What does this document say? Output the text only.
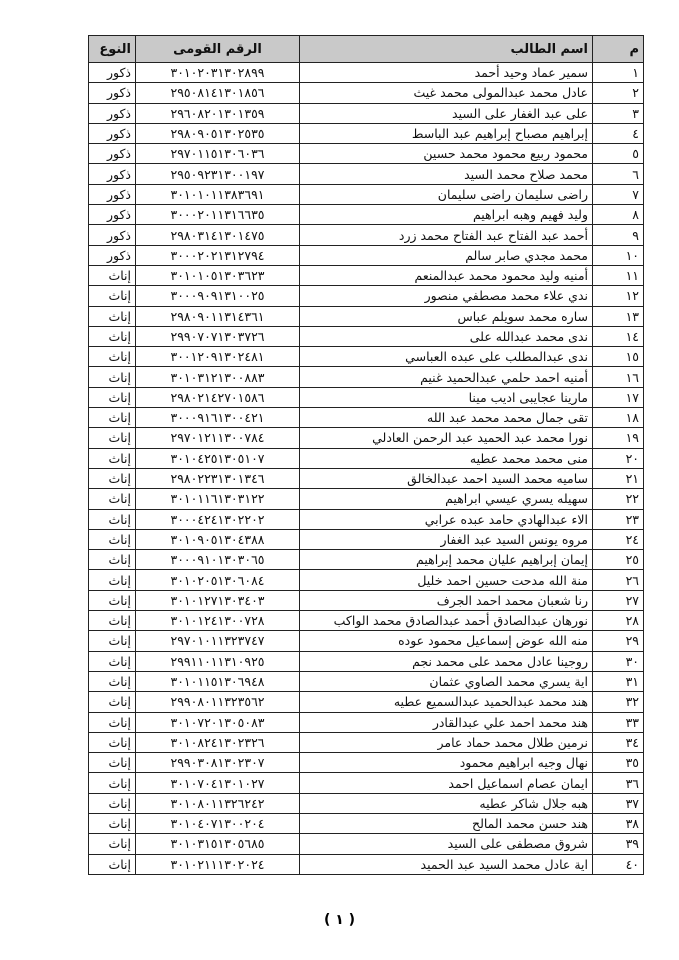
م	اسم الطالب	الرقم القومى	النوع
١	سمير عماد وحيد أحمد	٣٠١٠٢٠٣١٣٠٢٨٩٩	ذكور
٢	عادل محمد عبدالمولى محمد غيث	٢٩٥٠٨١٤١٣٠١٨٥٦	ذكور
٣	على عبد الغفار على السيد	٢٩٦٠٨٢٠١٣٠١٣٥٩	ذكور
٤	إبراهيم مصباح إبراهيم عبد الباسط	٢٩٨٠٩٠٥١٣٠٢٥٣٥	ذكور
٥	محمود ربيع محمود محمد حسين	٢٩٧٠١١٥١٣٠٦٠٣٦	ذكور
٦	محمد صلاح محمد السيد	٢٩٥٠٩٢٣١٣٠٠١٩٧	ذكور
٧	راضى سليمان راضى سليمان	٣٠١٠١٠١١٣٨٣٦٩١	ذكور
٨	وليد فهيم وهبه ابراهيم	٣٠٠٠٢٠١١٣١٦٦٣٥	ذكور
٩	أحمد عبد الفتاح عبد الفتاح محمد زرد	٢٩٨٠٣١٤١٣٠١٤٧٥	ذكور
١٠	محمد مجدي صابر سالم	٣٠٠٠٢٠٢١٣١٢٧٩٤	ذكور
١١	أمنيه وليد محمود محمد عبدالمنعم	٣٠١٠١٠٥١٣٠٣٦٢٣	إناث
١٢	ندي علاء محمد مصطفي منصور	٣٠٠٠٩٠٩١٣١٠٠٢٥	إناث
١٣	ساره محمد سويلم عباس	٢٩٨٠٩٠١١٣١٤٣٦١	إناث
١٤	ندى محمد عبدالله على	٢٩٩٠٧٠٧١٣٠٣٧٢٦	إناث
١٥	ندى عبدالمطلب على عبده العباسي	٣٠٠١٢٠٩١٣٠٢٤٨١	إناث
١٦	أمنيه احمد حلمي عبدالحميد غنيم	٣٠١٠٣١٢١٣٠٠٨٨٣	إناث
١٧	مارينا عجايبى اديب مينا	٢٩٨٠٢١٤٢٧٠١٥٨٦	إناث
١٨	تقى جمال محمد محمد عبد الله	٣٠٠٠٩١٦١٣٠٠٤٢١	إناث
١٩	نورا محمد عبد الحميد عبد الرحمن العادلي	٢٩٧٠١٢١١٣٠٠٧٨٤	إناث
٢٠	منى محمد محمد عطيه	٣٠١٠٤٢٥١٣٠٥١٠٧	إناث
٢١	ساميه محمد السيد احمد عبدالخالق	٢٩٨٠٢٢٣١٣٠١٣٤٦	إناث
٢٢	سهيله يسري عيسي ابراهيم	٣٠١٠١١٦١٣٠٣١٢٢	إناث
٢٣	الاء عبدالهادي حامد عبده عرابي	٣٠٠٠٤٢٤١٣٠٢٢٠٢	إناث
٢٤	مروه يونس السيد عبد الغفار	٣٠١٠٩٠٥١٣٠٤٣٨٨	إناث
٢٥	إيمان إبراهيم عليان محمد إبراهيم	٣٠٠٠٩١٠١٣٠٣٠٦٥	إناث
٢٦	منة الله مدحت حسين احمد خليل	٣٠١٠٢٠٥١٣٠٦٠٨٤	إناث
٢٧	رنا شعبان محمد احمد الجرف	٣٠١٠١٢٧١٣٠٣٤٠٣	إناث
٢٨	نورهان عبدالصادق أحمد عبدالصادق محمد الواكب	٣٠١٠١٢٤١٣٠٠٧٢٨	إناث
٢٩	منه الله عوض إسماعيل محمود عوده	٢٩٧٠١٠١١٣٢٣٧٤٧	إناث
٣٠	روجينا عادل محمد على محمد نجم	٢٩٩١١٠١١٣١٠٩٢٥	إناث
٣١	اية يسري محمد الصاوي عثمان	٣٠١٠١١٥١٣٠٦٩٤٨	إناث
٣٢	هند محمد عبدالحميد عبدالسميع عطيه	٢٩٩٠٨٠١١٣٢٣٥٦٢	إناث
٣٣	هند محمد احمد علي عبدالقادر	٣٠١٠٧٢٠١٣٠٥٠٨٣	إناث
٣٤	نرمين طلال محمد حماد عامر	٣٠١٠٨٢٤١٣٠٢٣٢٦	إناث
٣٥	نهال وجيه ابراهيم محمود	٢٩٩٠٣٠٨١٣٠٢٣٠٧	إناث
٣٦	ايمان عصام اسماعيل احمد	٣٠١٠٧٠٤١٣٠١٠٢٧	إناث
٣٧	هبه جلال شاكر عطيه	٣٠١٠٨٠١١٣٢٦٢٤٢	إناث
٣٨	هند حسن محمد المالح	٣٠١٠٤٠٧١٣٠٠٢٠٤	إناث
٣٩	شروق مصطفى على السيد	٣٠١٠٣١٥١٣٠٥٦٨٥	إناث
٤٠	اية عادل محمد السيد عبد الحميد	٣٠١٠٢١١١٣٠٢٠٢٤	إناث
( ١ )
